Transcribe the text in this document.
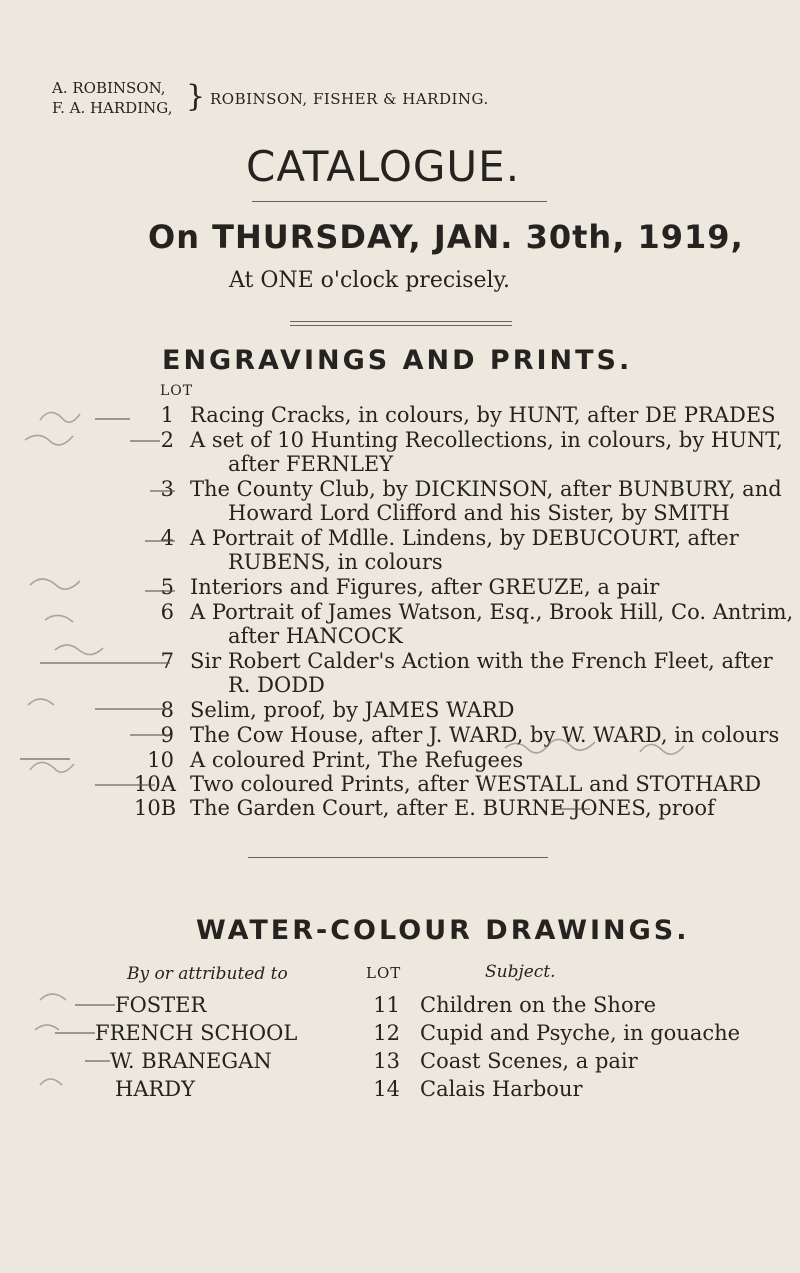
A. ROBINSON,
F. A. HARDING, } ROBINSON, FISHER & HARDING.
CATALOGUE.
On THURSDAY, JAN. 30th, 1919,
At ONE o'clock precisely.
ENGRAVINGS AND PRINTS.
LOT
1 Racing Cracks, in colours, by HUNT, after DE PRADES
2 A set of 10 Hunting Recollections, in colours, by HUNT,
after FERNLEY
3 The County Club, by DICKINSON, after BUNBURY, and
Howard Lord Clifford and his Sister, by SMITH
4 A Portrait of Mdlle. Lindens, by DEBUCOURT, after
RUBENS, in colours
5 Interiors and Figures, after GREUZE, a pair
6 A Portrait of James Watson, Esq., Brook Hill, Co. Antrim,
after HANCOCK
7 Sir Robert Calder's Action with the French Fleet, after
R. DODD
8 Selim, proof, by JAMES WARD
9 The Cow House, after J. WARD, by W. WARD, in colours
10 A coloured Print, The Refugees
10A Two coloured Prints, after WESTALL and STOTHARD
10B The Garden Court, after E. BURNE JONES, proof
WATER-COLOUR DRAWINGS.
By or attributed to	LOT	Subject.
FOSTER	11 Children on the Shore
FRENCH SCHOOL	12 Cupid and Psyche, in gouache
W. BRANEGAN	13 Coast Scenes, a pair
HARDY	14 Calais Harbour
